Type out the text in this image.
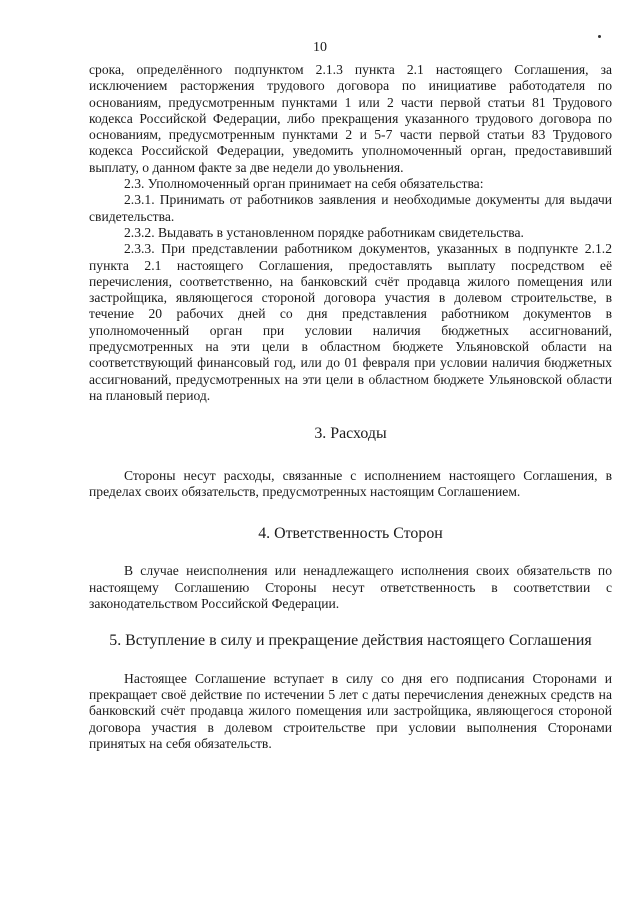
10

срока, определённого подпунктом 2.1.3 пункта 2.1 настоящего Соглашения, за исключением расторжения трудового договора по инициативе работодателя по основаниям, предусмотренным пунктами 1 или 2 части первой статьи 81 Трудового кодекса Российской Федерации, либо прекращения указанного трудового договора по основаниям, предусмотренным пунктами 2 и 5-7 части первой статьи 83 Трудового кодекса Российской Федерации, уведомить уполномоченный орган, предоставивший выплату, о данном факте за две недели до увольнения.

2.3. Уполномоченный орган принимает на себя обязательства:

2.3.1. Принимать от работников заявления и необходимые документы для выдачи свидетельства.

2.3.2. Выдавать в установленном порядке работникам свидетельства.

2.3.3. При представлении работником документов, указанных в подпункте 2.1.2 пункта 2.1 настоящего Соглашения, предоставлять выплату посредством её перечисления, соответственно, на банковский счёт продавца жилого помещения или застройщика, являющегося стороной договора участия в долевом строительстве, в течение 20 рабочих дней со дня представления работником документов в уполномоченный орган при условии наличия бюджетных ассигнований, предусмотренных на эти цели в областном бюджете Ульяновской области на соответствующий финансовый год, или до 01 февраля при условии наличия бюджетных ассигнований, предусмотренных на эти цели в областном бюджете Ульяновской области на плановый период.

3. Расходы

Стороны несут расходы, связанные с исполнением настоящего Соглашения, в пределах своих обязательств, предусмотренных настоящим Соглашением.

4. Ответственность Сторон

В случае неисполнения или ненадлежащего исполнения своих обязательств по настоящему Соглашению Стороны несут ответственность в соответствии с законодательством Российской Федерации.

5. Вступление в силу и прекращение действия настоящего Соглашения

Настоящее Соглашение вступает в силу со дня его подписания Сторонами и прекращает своё действие по истечении 5 лет с даты перечисления денежных средств на банковский счёт продавца жилого помещения или застройщика, являющегося стороной договора участия в долевом строительстве при условии выполнения Сторонами принятых на себя обязательств.
